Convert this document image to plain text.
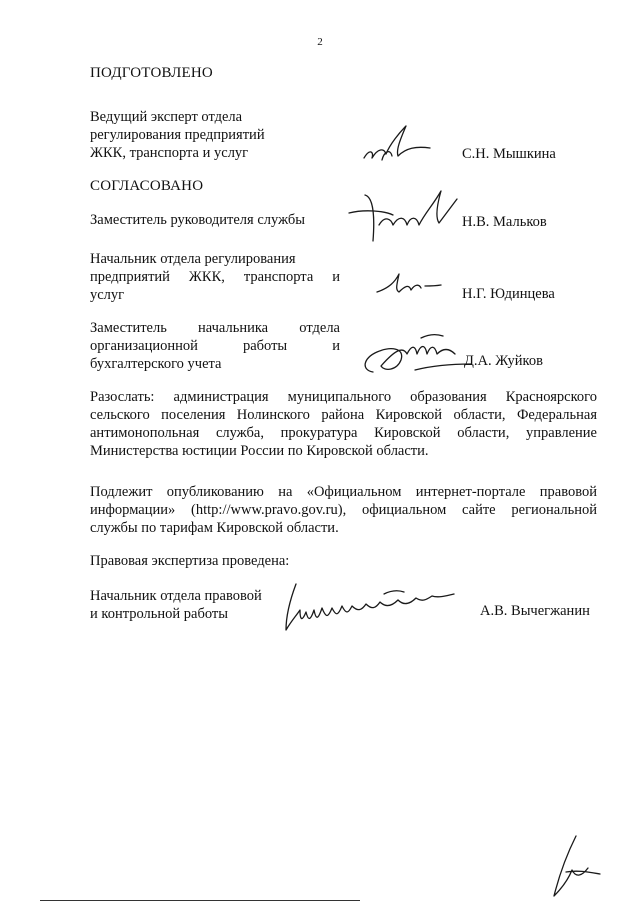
2
ПОДГОТОВЛЕНО
Ведущий эксперт отдела
регулирования предприятий
ЖКК, транспорта и услуг	С.Н. Мышкина
СОГЛАСОВАНО
Заместитель руководителя службы	Н.В. Мальков
Начальник отдела регулирования
предприятий ЖКК, транспорта и
услуг	Н.Г. Юдинцева
Заместитель начальника отдела
организационной работы и
бухгалтерского учета	Д.А. Жуйков
Разослать: администрация муниципального образования Красноярского
сельского поселения Нолинского района Кировской области, Федеральная
антимонопольная служба, прокуратура Кировской области, управление
Министерства юстиции России по Кировской области.
Подлежит опубликованию на «Официальном интернет-портале правовой
информации» (http://www.pravo.gov.ru), официальном сайте региональной
службы по тарифам Кировской области.
Правовая экспертиза проведена:
Начальник отдела правовой
и контрольной работы	А.В. Вычегжанин
